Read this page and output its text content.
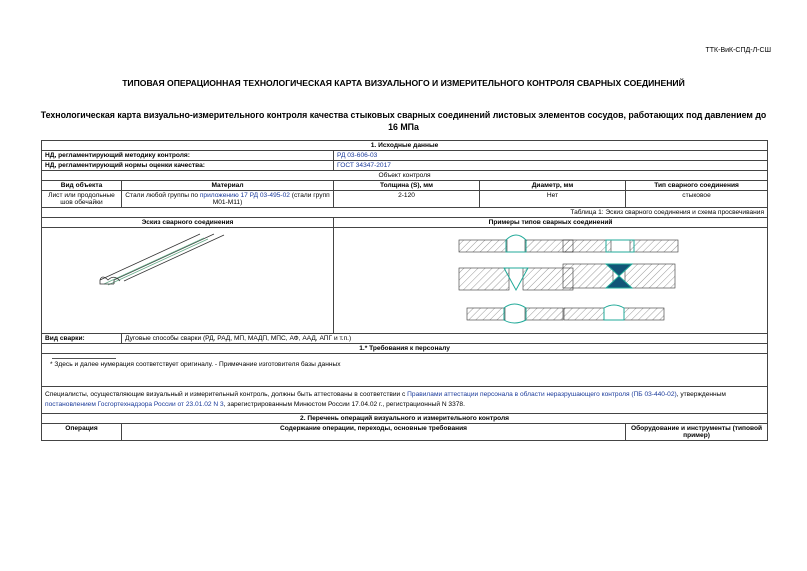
ТТК-ВиК-СПД-Л-СШ
ТИПОВАЯ ОПЕРАЦИОННАЯ ТЕХНОЛОГИЧЕСКАЯ КАРТА ВИЗУАЛЬНОГО И ИЗМЕРИТЕЛЬНОГО КОНТРОЛЯ СВАРНЫХ СОЕДИНЕНИЙ
Технологическая карта визуально-измерительного контроля качества стыковых сварных соединений листовых элементов сосудов, работающих под давлением до 16 МПа
1. Исходные данные				
НД, регламентирующий методику контроля:		РД 03-606-03		
НД, регламентирующий нормы оценки качества:		ГОСТ 34347-2017		
Объект контроля				
Вид объекта	Материал	Толщина (S), мм	Диаметр, мм	Тип сварного соединения
Лист или продольные шов обечайки	Стали любой группы по приложению 17 РД 03-495-02 (стали групп М01-М11)	2-120	Нет	стыковое
Таблица 1: Эскиз сварного соединения и схема просвечивания				
Эскиз сварного соединения		Примеры типов сварных соединений		

Вид сварки:	Дуговые способы сварки (РД, РАД, МП, МАДП, МПС, АФ, ААД, АПГ и т.п.)			
1.* Требования к персоналу				

* Здесь и далее нумерация соответствует оригиналу. - Примечание изготовителя базы данных				

Специалисты, осуществляющие визуальный и измерительный контроль, должны быть аттестованы в соответствии с Правилами аттестации персонала в области неразрушающего контроля (ПБ 03-440-02), утвержденным постановлением Госгортехнадзора России от 23.01.02 N 3, зарегистрированным Минюстом России 17.04.02 г., регистрационный N 3378.				
2. Перечень операций визуального и измерительного контроля				
Операция	Содержание операции, переходы, основные требования			Оборудование и инструменты (типовой пример)
